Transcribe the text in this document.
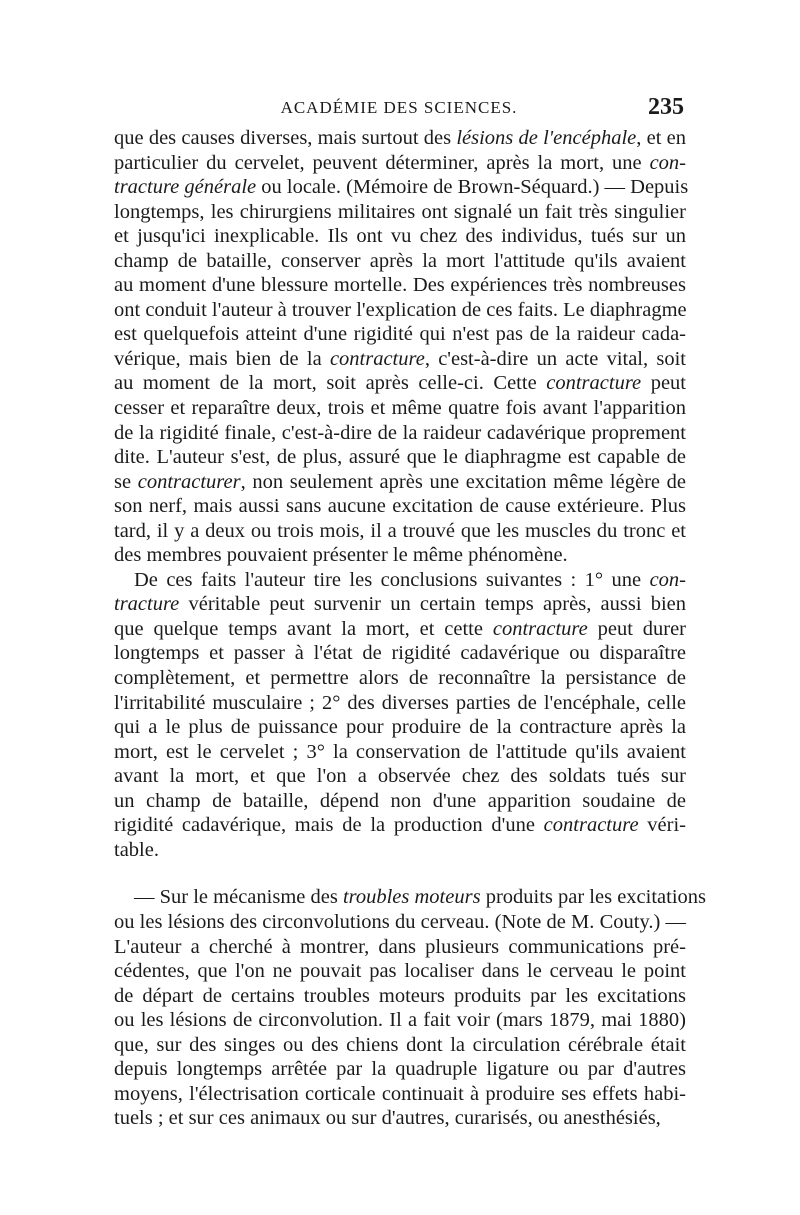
ACADÉMIE DES SCIENCES.	235
que des causes diverses, mais surtout des lésions de l'encéphale, et en
particulier du cervelet, peuvent déterminer, après la mort, une con-
tracture générale ou locale. (Mémoire de Brown-Séquard.) — Depuis
longtemps, les chirurgiens militaires ont signalé un fait très singulier
et jusqu'ici inexplicable. Ils ont vu chez des individus, tués sur un
champ de bataille, conserver après la mort l'attitude qu'ils avaient
au moment d'une blessure mortelle. Des expériences très nombreuses
ont conduit l'auteur à trouver l'explication de ces faits. Le diaphragme
est quelquefois atteint d'une rigidité qui n'est pas de la raideur cada-
vérique, mais bien de la contracture, c'est-à-dire un acte vital, soit
au moment de la mort, soit après celle-ci. Cette contracture peut
cesser et reparaître deux, trois et même quatre fois avant l'apparition
de la rigidité finale, c'est-à-dire de la raideur cadavérique proprement
dite. L'auteur s'est, de plus, assuré que le diaphragme est capable de
se contracturer, non seulement après une excitation même légère de
son nerf, mais aussi sans aucune excitation de cause extérieure. Plus
tard, il y a deux ou trois mois, il a trouvé que les muscles du tronc et
des membres pouvaient présenter le même phénomène.
De ces faits l'auteur tire les conclusions suivantes : 1° une con-
tracture véritable peut survenir un certain temps après, aussi bien
que quelque temps avant la mort, et cette contracture peut durer
longtemps et passer à l'état de rigidité cadavérique ou disparaître
complètement, et permettre alors de reconnaître la persistance de
l'irritabilité musculaire ; 2° des diverses parties de l'encéphale, celle
qui a le plus de puissance pour produire de la contracture après la
mort, est le cervelet ; 3° la conservation de l'attitude qu'ils avaient
avant la mort, et que l'on a observée chez des soldats tués sur
un champ de bataille, dépend non d'une apparition soudaine de
rigidité cadavérique, mais de la production d'une contracture véri-
table.
— Sur le mécanisme des troubles moteurs produits par les excitations
ou les lésions des circonvolutions du cerveau. (Note de M. Couty.) —
L'auteur a cherché à montrer, dans plusieurs communications pré-
cédentes, que l'on ne pouvait pas localiser dans le cerveau le point
de départ de certains troubles moteurs produits par les excitations
ou les lésions de circonvolution. Il a fait voir (mars 1879, mai 1880)
que, sur des singes ou des chiens dont la circulation cérébrale était
depuis longtemps arrêtée par la quadruple ligature ou par d'autres
moyens, l'électrisation corticale continuait à produire ses effets habi-
tuels ; et sur ces animaux ou sur d'autres, curarisés, ou anesthésiés,
